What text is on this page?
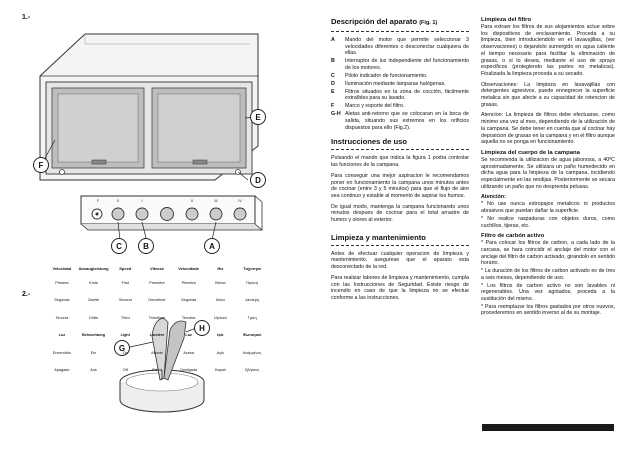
1.-
2.-
F	0	I	II	III	IV
E
F
D
C	B	A
H
G
Velocidad	Absaugleistung	Speed	Vitesse	Velocidade	Hiz	Ταχυτητα
Primera	Erste	First	Premiére	Primeira	Birinci	Πρώτη
Segunda	Zweite	Second	Deuxiéme	Segunda	Ikinci	Δεύτερη
Tercera	Dritte	Third	Troisiéme	Terceira	Üçüncü	Τρίτη
Luz	Beleuchtung	Light	Lumiére	Luz	Işık	Φωτισμού
Encendido	Ein	On	Allumé	Acesa	Açık	Ανάμμένος
Apagado	Aus	Off	Eteint	Desligada	Kapalı	Σβήστος
Descripción del aparato (Fig. 1)
A	Mando del motor que permite seleccionar 3 velocidades diferentes o desconectar cualquiera de ellas.
B	Interruptor de luz independiente del funcionamiento de los motores.
C	Piloto indicador de funcionamiento.
D	Iluminación mediante lamparas halógenas.
E	Filtros situados en la zona de cocción, fácilmente extraíbles para su lavado.
F	Marco y soporte del filtro.
G-H Aletas anti-retorno que se colocaran en la boca de salida, situando sus extremos en los orificios dispuestos para ello (Fig.2).
Instrucciones de uso
Pulsando el mando que indica la figura 1 podra controlar las funciones de la campana.
Para conseguir una mejor aspiracion le recomendamos poner en funcionamiento la campana unos minutos antes de cocinar (entre 3 y 5 minutos) para que el flujo de aire sea continuo y estable al momento de aspirar los humos.
De igual modo, mantenga la campana funcionando unos minutos despues de cocinar para el total arrastre de humos y olores al exterior.
Limpieza y mantenimiento
Antes de efectuar cualquier operacion de limpieza y mantenimiento, asegurese que el aparato esta desconectado de la red.
Para realizar labores de limpieza y mantenimiento, cumpla con las Instrucciones de Seguridad. Existe riesgo de incendio en caso de que la limpieza no se efectue conforme a las instrucciones.
Limpieza del filtro
Para extraer los filtros de sus alojamientos actue sobre los dispositivos de enclavamiento. Proceda a su limpieza, bien introduciendolo en el lavavajillas, (ver observaciones) o dejandolo sumergido en agua caliente el tiempo necesario para facilitar la eliminación de grasas, o si lo desea, mediante el uso de sprays especificos (protegiendo las partes no metalicas). Finalizada la limpieza proceda a su secado.
Observaciones: La limpieza en lavavajillas con detergentes agresivos, puede ennegrecer la superficie metalica sin que afecte a su capacidad de retencion de grasas.
Atencion: La limpieza de filtros debe efectuarse, como minimo una vez al mes, dependiendo de la utilización de la campana. Se debe tener en cuenta que al cocinar hay deposicion de grasas en la campana y en el filtro aunque aquella no se ponga en funcionamiento.
Limpieza del cuerpo de la campana
Se recomienda la utilizacion de agua jabonosa, a 40ºC aproximadamente. Se utilizara un paño humedecido en dicha agua para la limpieza de la campana, incidiendo especialmente en las rendijas. Posteriormente se secara utilizando un paño que no desprenda pelusas.
Atención:
* No use nunca estropajos metalicos ni productos abrasivos que puedan dañar la superficie.
* No realice raspaduras con objetos duros, como cuchillos, tijeras, etc.
Filtro de carbón activo
* Para colocar los filtros de carbon, a cada lado de la carcasa, se hara coincidir el anclaje del motor con el anclaje del filtro de carbon activado, girandolo en sentido horario.
* La duración de los filtros de carbon activado es de tres a seis meses, dependiendo de uso.
* Los filtros de carbon activo no son lavables ni regenerables. Una vez agotados, proceda a la sustitución del mismo.
* Para reemplazar los filtros gastados por otros nuevos, procederemos en sentido inverso al de su montaje.
